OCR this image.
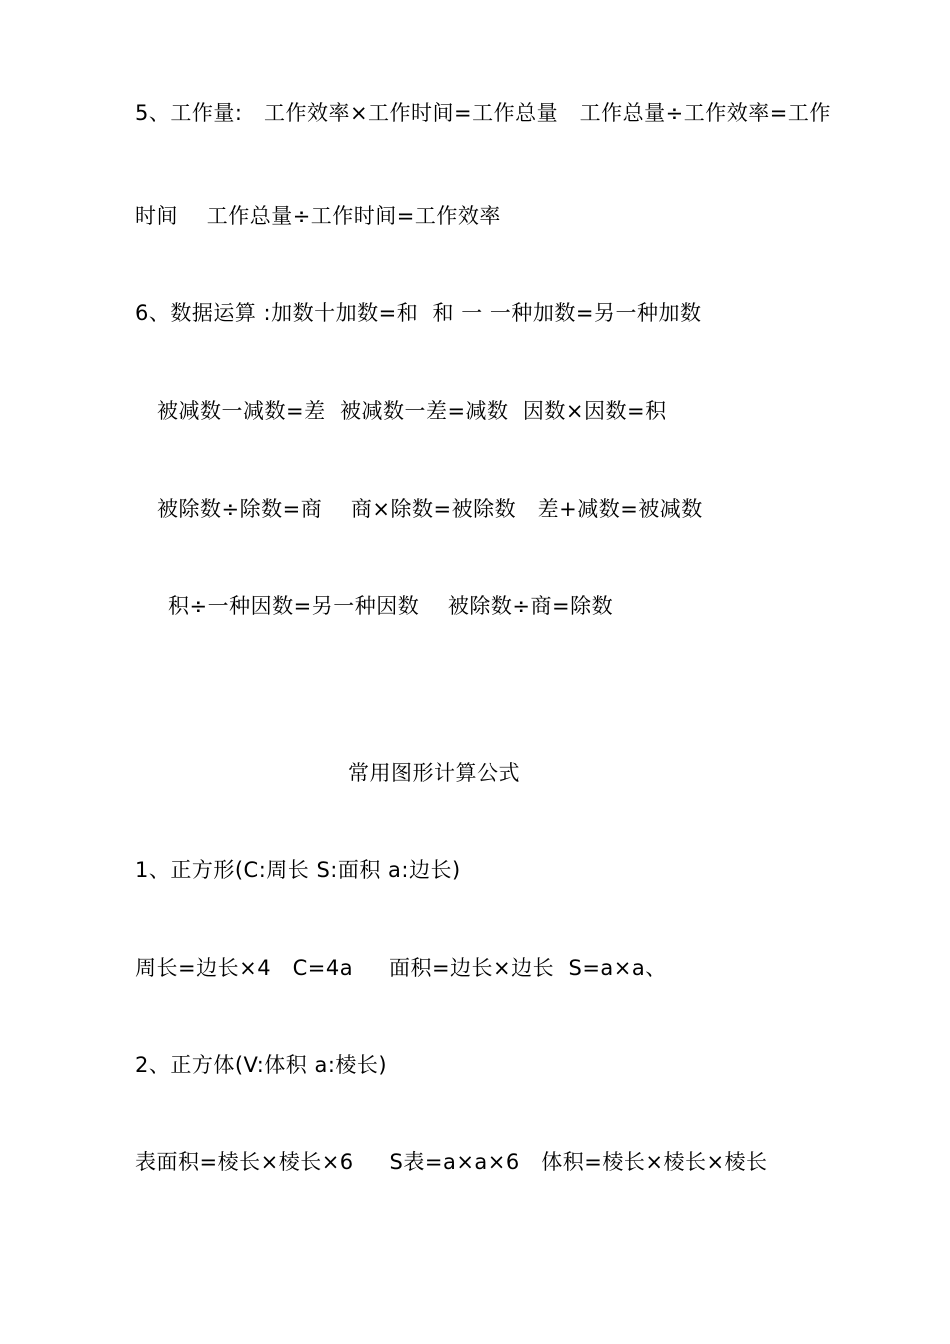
5、工作量:   工作效率×工作时间=工作总量   工作总量÷工作效率=工作
时间    工作总量÷工作时间=工作效率
6、数据运算 :加数十加数=和  和 一 一种加数=另一种加数
被减数一减数=差  被减数一差=减数  因数×因数=积
被除数÷除数=商    商×除数=被除数   差+减数=被减数
积÷一种因数=另一种因数    被除数÷商=除数
常用图形计算公式
1、正方形(C:周长 S:面积 a:边长)
周长=边长×4   C=4a     面积=边长×边长  S=a×a、
2、正方体(V:体积 a:棱长)
表面积=棱长×棱长×6     S表=a×a×6   体积=棱长×棱长×棱长
